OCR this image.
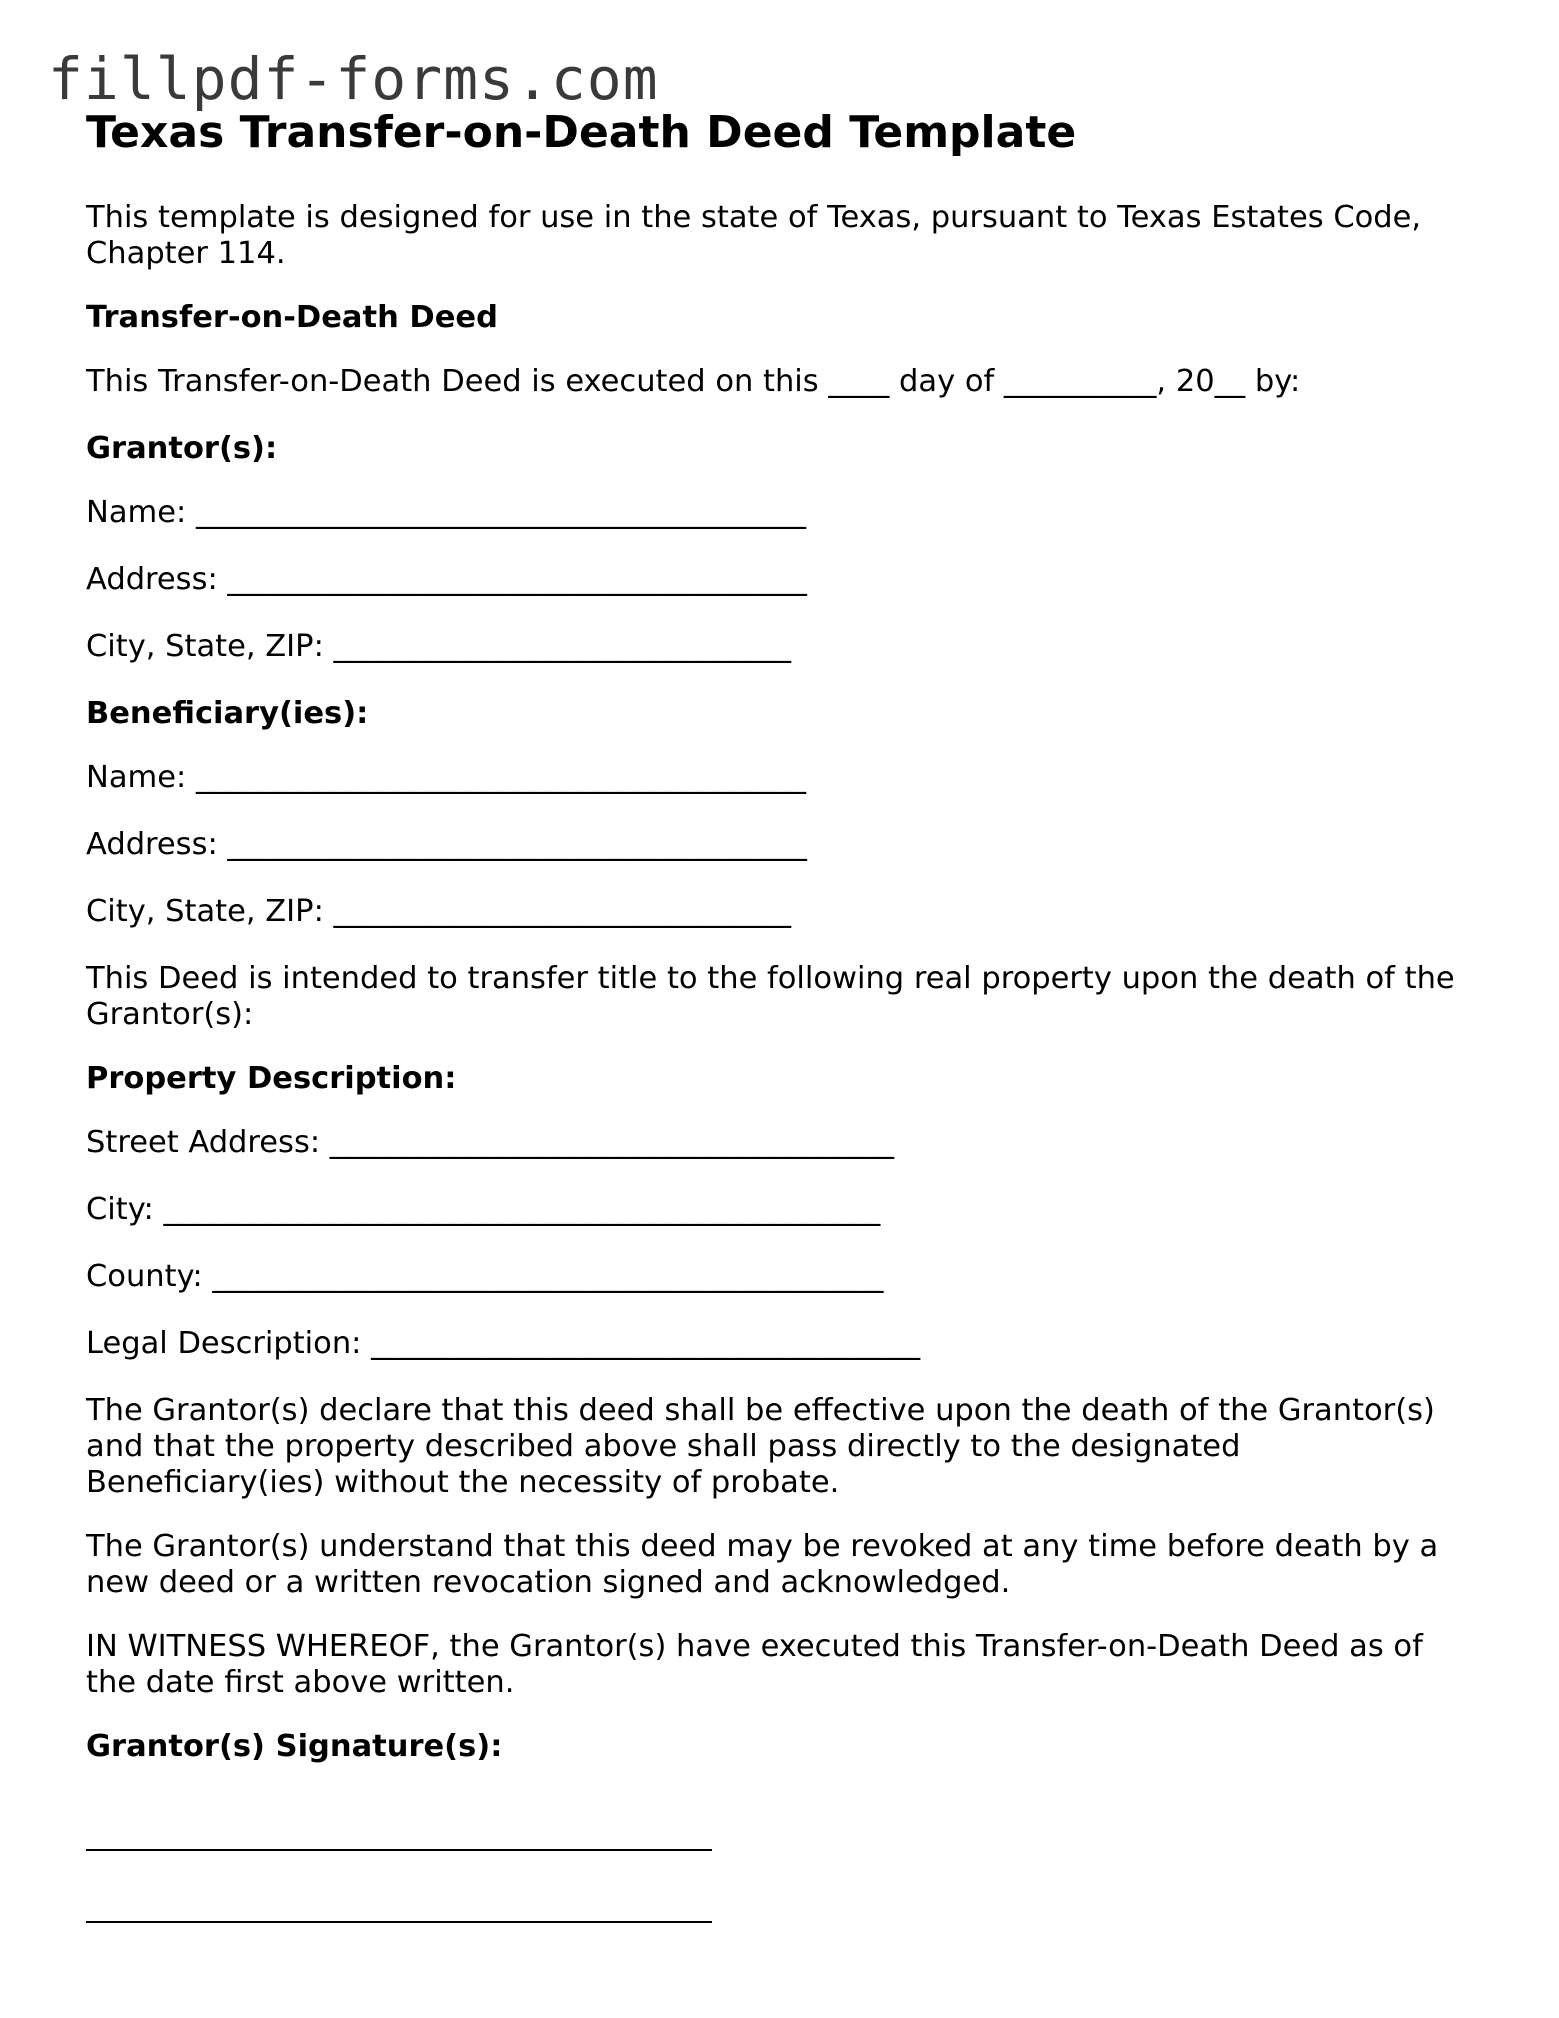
fillpdf-forms.com
Texas Transfer-on-Death Deed Template
This template is designed for use in the state of Texas, pursuant to Texas Estates Code, Chapter 114.
Transfer-on-Death Deed
This Transfer-on-Death Deed is executed on this ____ day of __________, 20__ by:
Grantor(s):
Name: ________________________________________
Address: ______________________________________
City, State, ZIP: ______________________________
Beneficiary(ies):
Name: ________________________________________
Address: ______________________________________
City, State, ZIP: ______________________________
This Deed is intended to transfer title to the following real property upon the death of the Grantor(s):
Property Description:
Street Address: _____________________________________
City: _______________________________________________
County: ____________________________________________
Legal Description: ____________________________________
The Grantor(s) declare that this deed shall be effective upon the death of the Grantor(s) and that the property described above shall pass directly to the designated Beneficiary(ies) without the necessity of probate.
The Grantor(s) understand that this deed may be revoked at any time before death by a new deed or a written revocation signed and acknowledged.
IN WITNESS WHEREOF, the Grantor(s) have executed this Transfer-on-Death Deed as of the date first above written.
Grantor(s) Signature(s):
